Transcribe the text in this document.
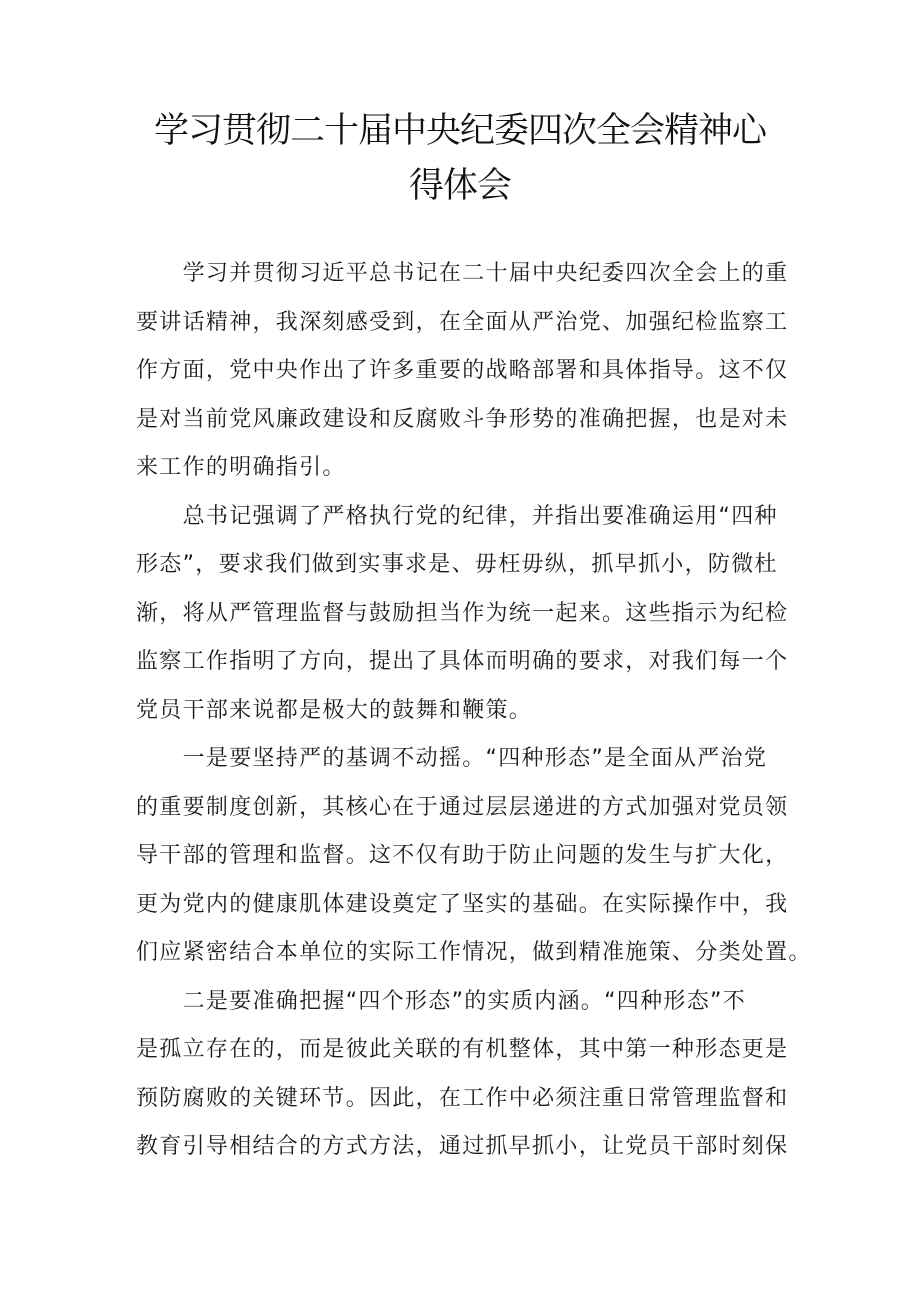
学习贯彻二十届中央纪委四次全会精神心
得体会
　　学习并贯彻习近平总书记在二十届中央纪委四次全会上的重
要讲话精神，我深刻感受到，在全面从严治党、加强纪检监察工
作方面，党中央作出了许多重要的战略部署和具体指导。这不仅
是对当前党风廉政建设和反腐败斗争形势的准确把握，也是对未
来工作的明确指引。
　　总书记强调了严格执行党的纪律，并指出要准确运用“四种
形态”，要求我们做到实事求是、毋枉毋纵，抓早抓小，防微杜
渐，将从严管理监督与鼓励担当作为统一起来。这些指示为纪检
监察工作指明了方向，提出了具体而明确的要求，对我们每一个
党员干部来说都是极大的鼓舞和鞭策。
　　一是要坚持严的基调不动摇。“四种形态”是全面从严治党
的重要制度创新，其核心在于通过层层递进的方式加强对党员领
导干部的管理和监督。这不仅有助于防止问题的发生与扩大化，
更为党内的健康肌体建设奠定了坚实的基础。在实际操作中，我
们应紧密结合本单位的实际工作情况，做到精准施策、分类处置。
　　二是要准确把握“四个形态”的实质内涵。“四种形态”不
是孤立存在的，而是彼此关联的有机整体，其中第一种形态更是
预防腐败的关键环节。因此，在工作中必须注重日常管理监督和
教育引导相结合的方式方法，通过抓早抓小，让党员干部时刻保
